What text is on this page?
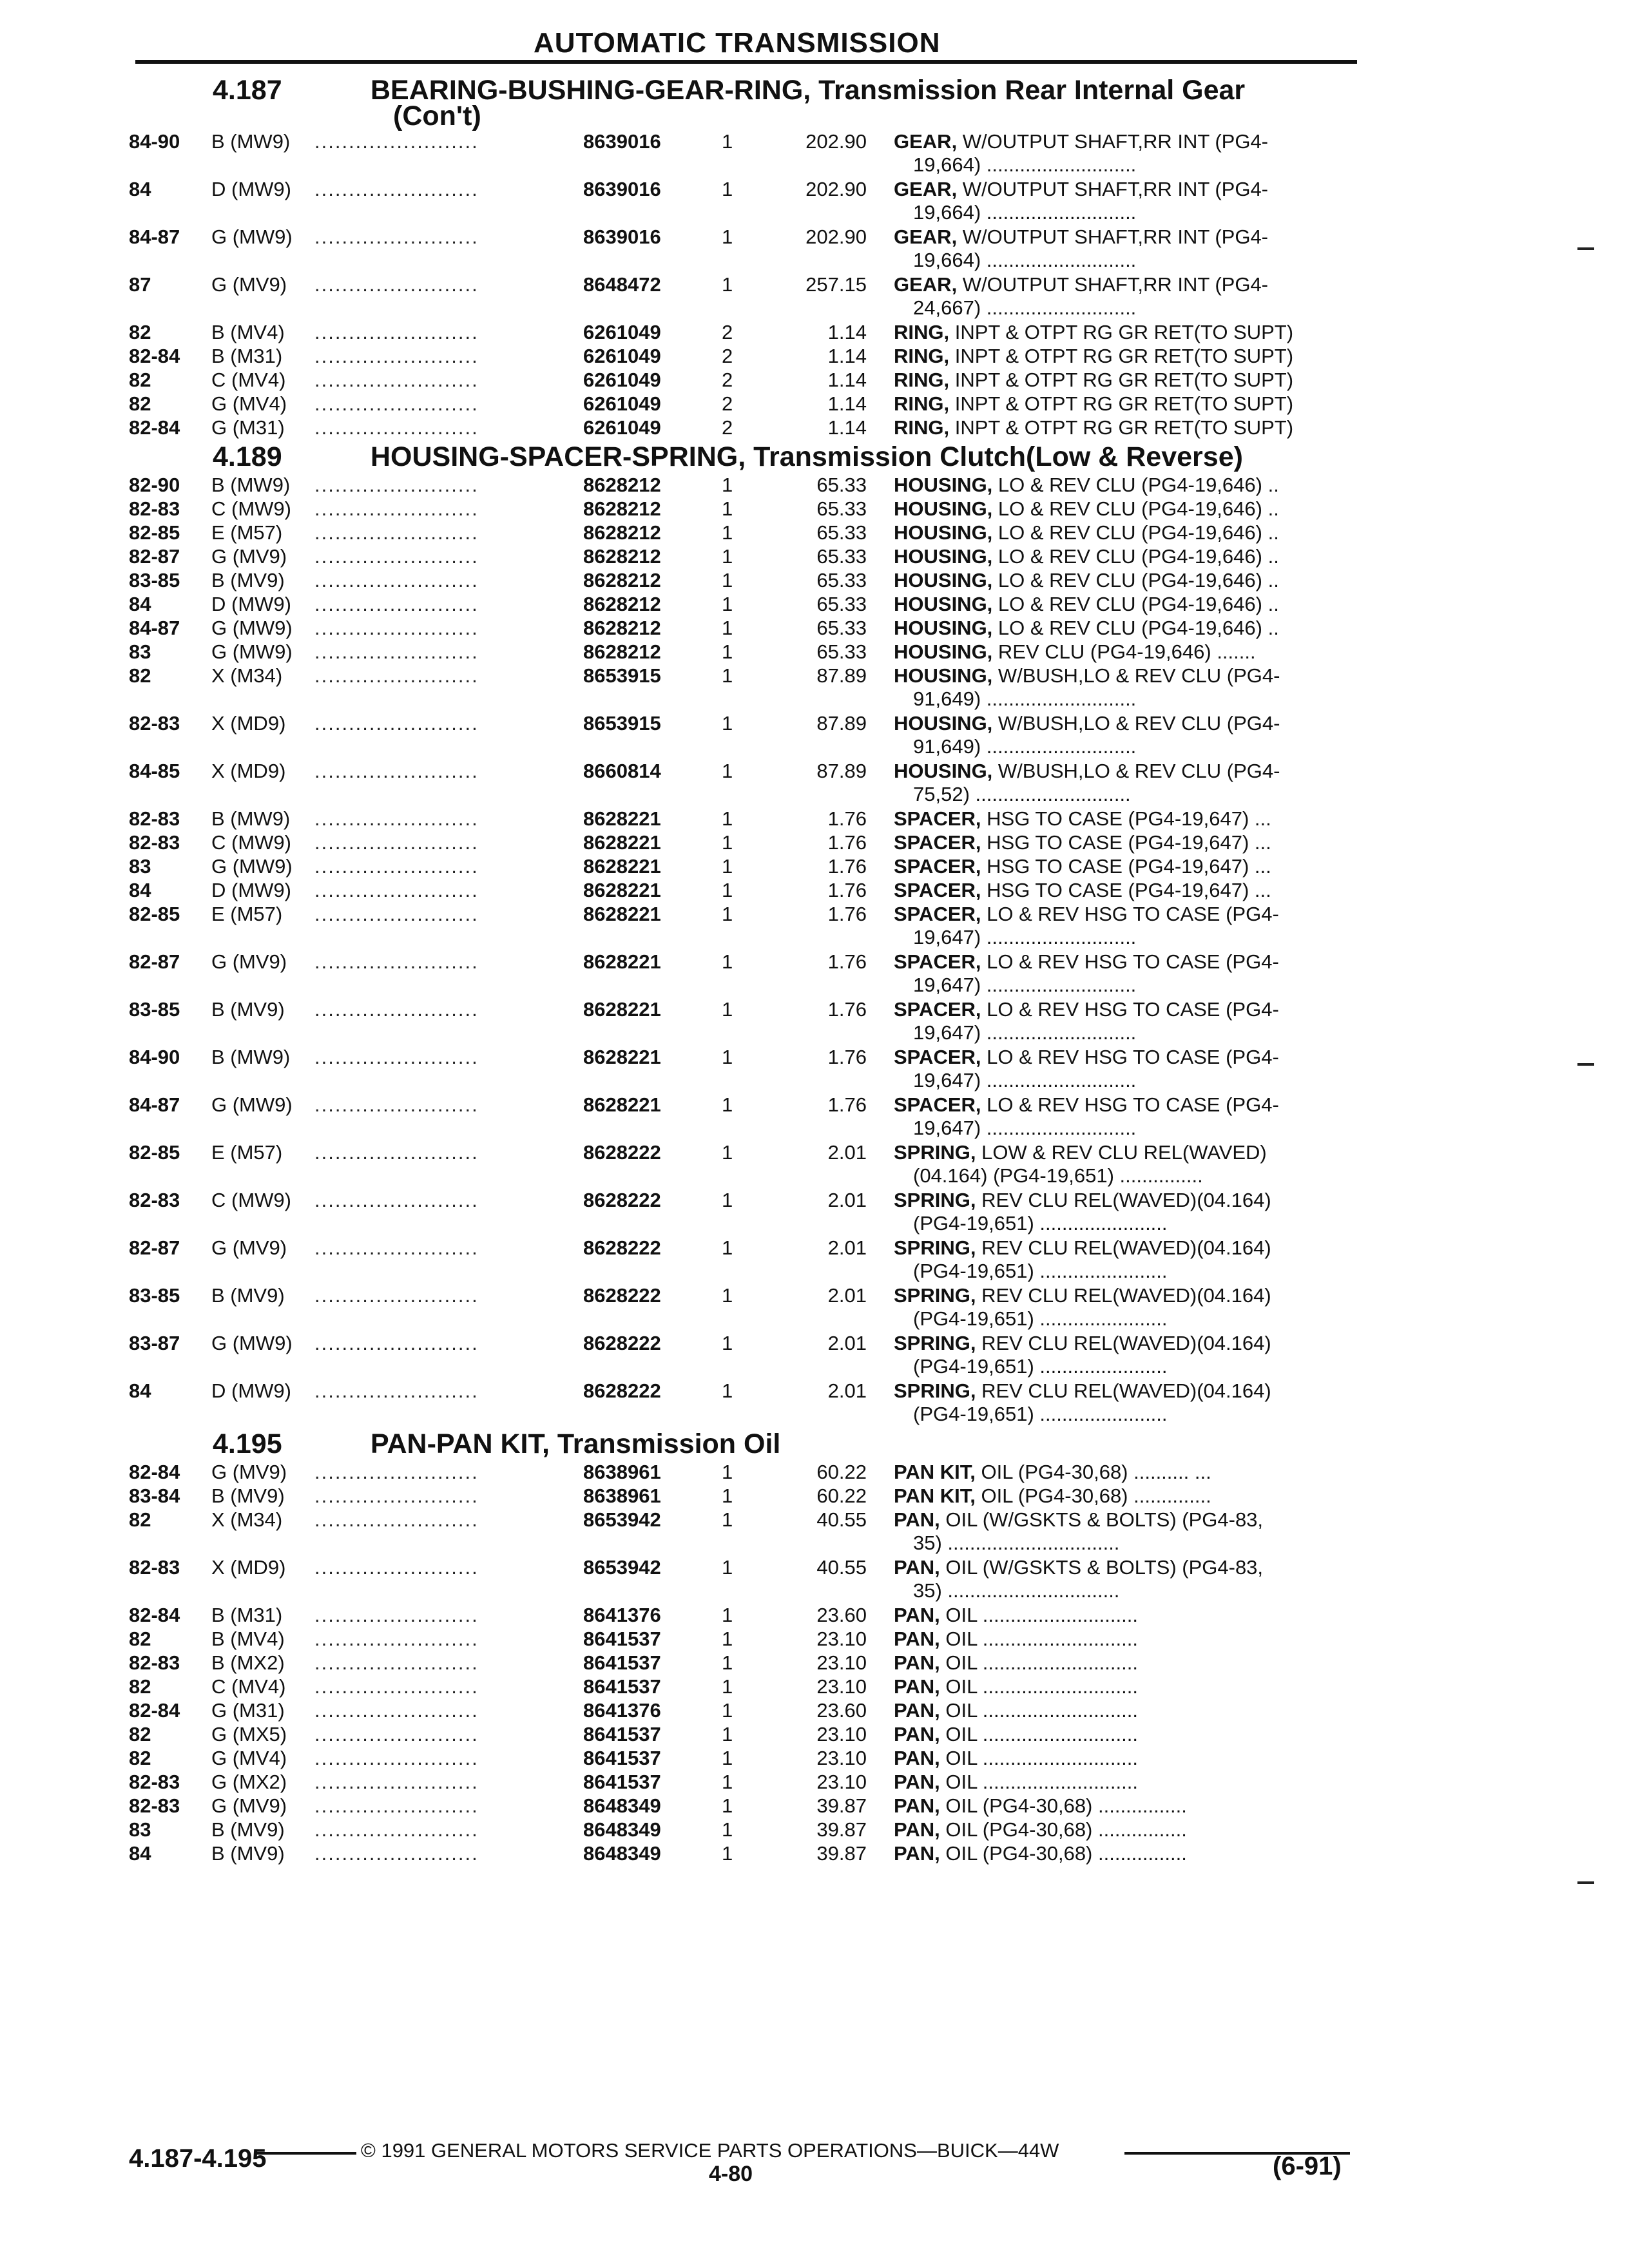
AUTOMATIC TRANSMISSION
4.187	BEARING-BUSHING-GEAR-RING, Transmission Rear Internal Gear
(Con't)
84-90 B (MW9) ........................	8639016	1	202.90 GEAR, W/OUTPUT SHAFT,RR INT (PG4-
19,664) ...........................
84	D (MW9) ........................	8639016	1	202.90 GEAR, W/OUTPUT SHAFT,RR INT (PG4-
19,664) ...........................
84-87 G (MW9) ........................	8639016	1	202.90 GEAR, W/OUTPUT SHAFT,RR INT (PG4-
19,664) ...........................
87	G (MV9) ........................	8648472	1	257.15 GEAR, W/OUTPUT SHAFT,RR INT (PG4-
24,667) ...........................
82	B (MV4) ........................	6261049	2	1.14 RING, INPT & OTPT RG GR RET(TO SUPT)
82-84 B (M31) ........................	6261049	2	1.14 RING, INPT & OTPT RG GR RET(TO SUPT)
82	C (MV4) ........................	6261049	2	1.14 RING, INPT & OTPT RG GR RET(TO SUPT)
82	G (MV4) ........................	6261049	2	1.14 RING, INPT & OTPT RG GR RET(TO SUPT)
82-84 G (M31) ........................	6261049	2	1.14 RING, INPT & OTPT RG GR RET(TO SUPT)
4.189	HOUSING-SPACER-SPRING, Transmission Clutch(Low & Reverse)
82-90 B (MW9) ........................	8628212	1	65.33 HOUSING, LO & REV CLU (PG4-19,646) ..
82-83 C (MW9) ........................	8628212	1	65.33 HOUSING, LO & REV CLU (PG4-19,646) ..
82-85 E (M57) ........................	8628212	1	65.33 HOUSING, LO & REV CLU (PG4-19,646) ..
82-87 G (MV9) ........................	8628212	1	65.33 HOUSING, LO & REV CLU (PG4-19,646) ..
83-85 B (MV9) ........................	8628212	1	65.33 HOUSING, LO & REV CLU (PG4-19,646) ..
84	D (MW9) ........................	8628212	1	65.33 HOUSING, LO & REV CLU (PG4-19,646) ..
84-87 G (MW9) ........................	8628212	1	65.33 HOUSING, LO & REV CLU (PG4-19,646) ..
83	G (MW9) ........................	8628212	1	65.33 HOUSING, REV CLU (PG4-19,646) .......
82	X (M34) ........................	8653915	1	87.89 HOUSING, W/BUSH,LO & REV CLU (PG4-
91,649) ...........................
82-83 X (MD9) ........................	8653915	1	87.89 HOUSING, W/BUSH,LO & REV CLU (PG4-
91,649) ...........................
84-85 X (MD9) ........................	8660814	1	87.89 HOUSING, W/BUSH,LO & REV CLU (PG4-
75,52) ............................
82-83 B (MW9) ........................	8628221	1	1.76 SPACER, HSG TO CASE (PG4-19,647) ...
82-83 C (MW9) ........................	8628221	1	1.76 SPACER, HSG TO CASE (PG4-19,647) ...
83	G (MW9) ........................	8628221	1	1.76 SPACER, HSG TO CASE (PG4-19,647) ...
84	D (MW9) ........................	8628221	1	1.76 SPACER, HSG TO CASE (PG4-19,647) ...
82-85 E (M57) ........................	8628221	1	1.76 SPACER, LO & REV HSG TO CASE (PG4-
19,647) ...........................
82-87 G (MV9) ........................	8628221	1	1.76 SPACER, LO & REV HSG TO CASE (PG4-
19,647) ...........................
83-85 B (MV9) ........................	8628221	1	1.76 SPACER, LO & REV HSG TO CASE (PG4-
19,647) ...........................
84-90 B (MW9) ........................	8628221	1	1.76 SPACER, LO & REV HSG TO CASE (PG4-
19,647) ...........................
84-87 G (MW9) ........................	8628221	1	1.76 SPACER, LO & REV HSG TO CASE (PG4-
19,647) ...........................
82-85 E (M57) ........................	8628222	1	2.01 SPRING, LOW & REV CLU REL(WAVED)
(04.164) (PG4-19,651) ...............
82-83 C (MW9) ........................	8628222	1	2.01 SPRING, REV CLU REL(WAVED)(04.164)
(PG4-19,651) .......................
82-87 G (MV9) ........................	8628222	1	2.01 SPRING, REV CLU REL(WAVED)(04.164)
(PG4-19,651) .......................
83-85 B (MV9) ........................	8628222	1	2.01 SPRING, REV CLU REL(WAVED)(04.164)
(PG4-19,651) .......................
83-87 G (MW9) ........................	8628222	1	2.01 SPRING, REV CLU REL(WAVED)(04.164)
(PG4-19,651) .......................
84	D (MW9) ........................	8628222	1	2.01 SPRING, REV CLU REL(WAVED)(04.164)
(PG4-19,651) .......................
4.195	PAN-PAN KIT, Transmission Oil
82-84 G (MV9) ........................	8638961	1	60.22 PAN KIT, OIL (PG4-30,68) .......... ...
83-84 B (MV9) ........................	8638961	1	60.22 PAN KIT, OIL (PG4-30,68) ..............
82	X (M34) ........................	8653942	1	40.55 PAN, OIL (W/GSKTS & BOLTS) (PG4-83,
35) ...............................
82-83 X (MD9) ........................	8653942	1	40.55 PAN, OIL (W/GSKTS & BOLTS) (PG4-83,
35) ...............................
82-84 B (M31) ........................	8641376	1	23.60 PAN, OIL ............................
82	B (MV4) ........................	8641537	1	23.10 PAN, OIL ............................
82-83 B (MX2) ........................	8641537	1	23.10 PAN, OIL ............................
82	C (MV4) ........................	8641537	1	23.10 PAN, OIL ............................
82-84 G (M31) ........................	8641376	1	23.60 PAN, OIL ............................
82	G (MX5) ........................	8641537	1	23.10 PAN, OIL ............................
82	G (MV4) ........................	8641537	1	23.10 PAN, OIL ............................
82-83 G (MX2) ........................	8641537	1	23.10 PAN, OIL ............................
82-83 G (MV9) ........................	8648349	1	39.87 PAN, OIL (PG4-30,68) ................
83	B (MV9) ........................	8648349	1	39.87 PAN, OIL (PG4-30,68) ................
84	B (MV9) ........................	8648349	1	39.87 PAN, OIL (PG4-30,68) ................
© 1991 GENERAL MOTORS SERVICE PARTS OPERATIONS—BUICK—44W
4.187-4.195
4-80	(6-91)
